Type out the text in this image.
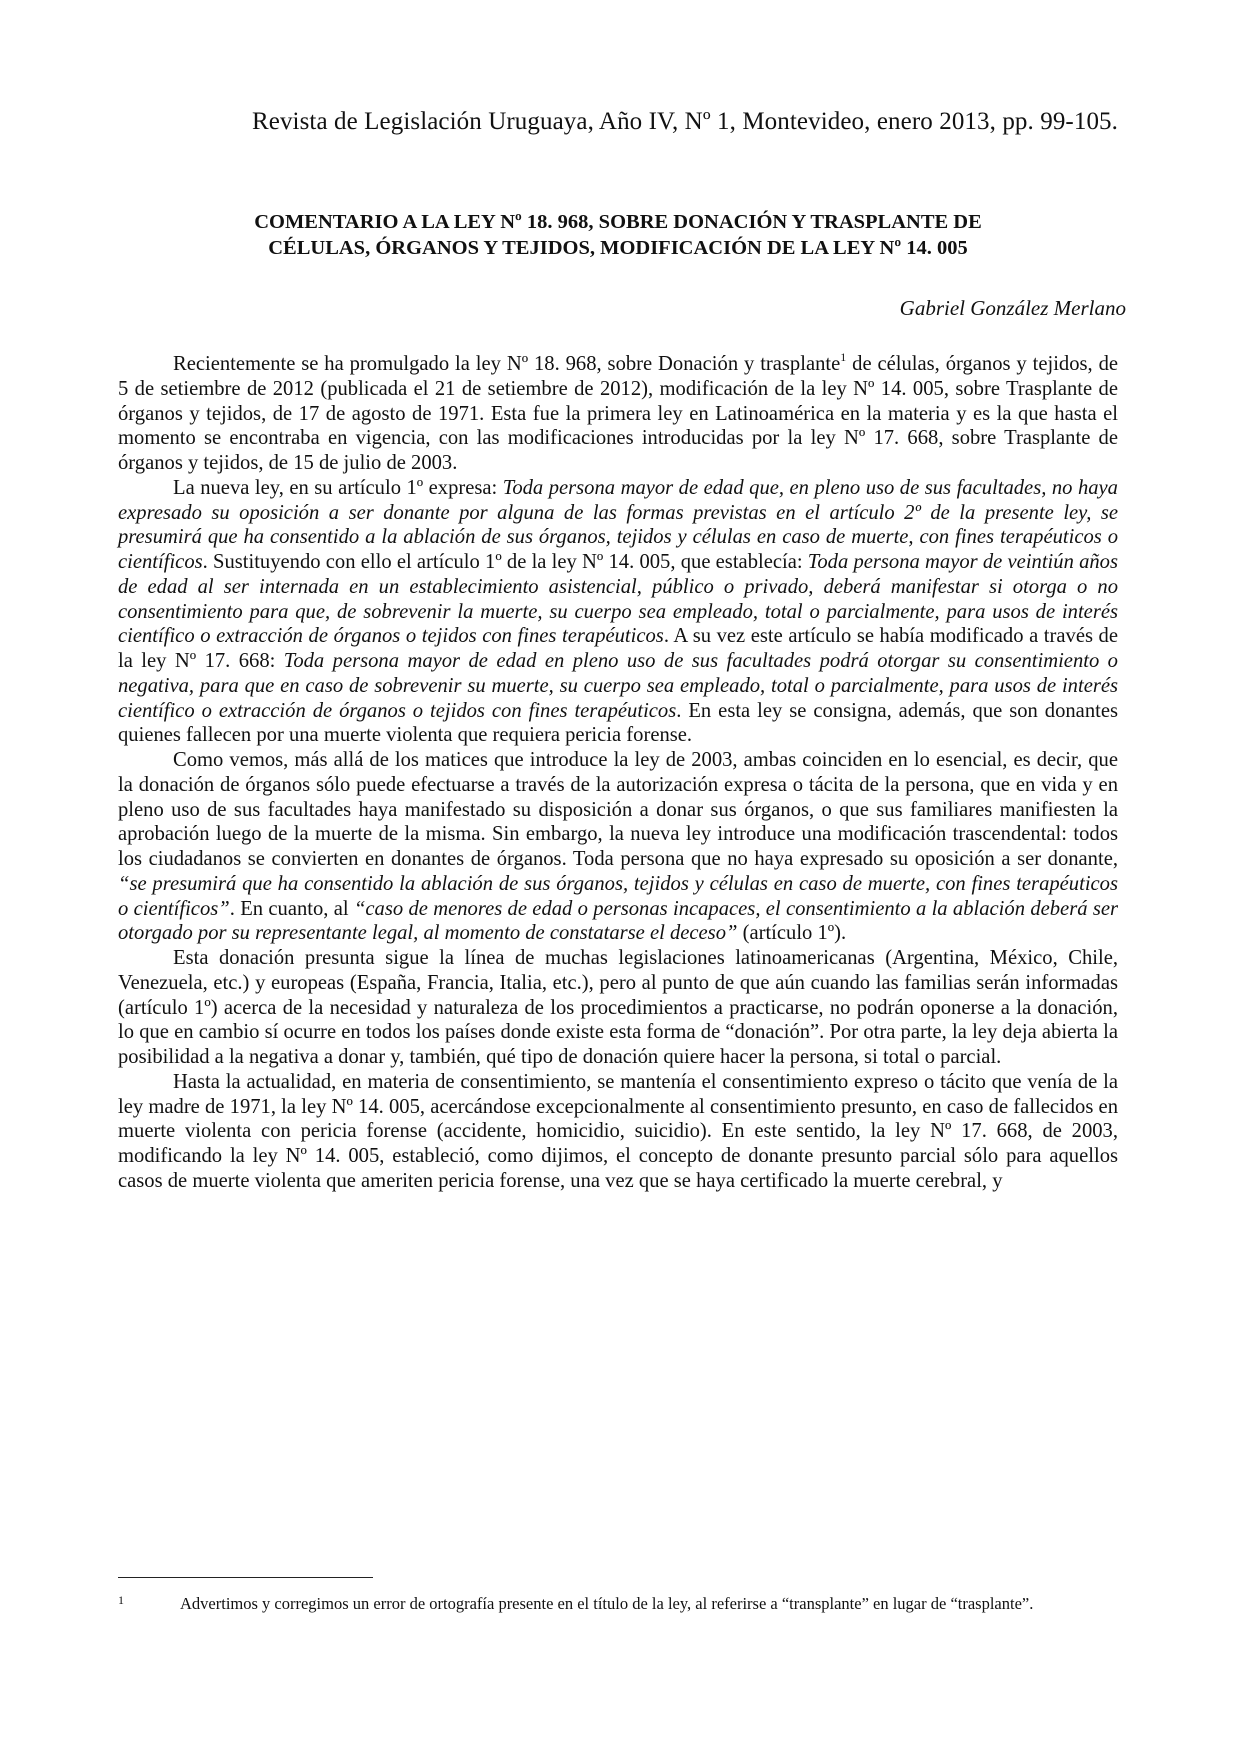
Revista de Legislación Uruguaya, Año IV, Nº 1, Montevideo, enero 2013, pp. 99-105.
COMENTARIO A LA LEY Nº 18. 968, SOBRE DONACIÓN Y TRASPLANTE DE
CÉLULAS, ÓRGANOS Y TEJIDOS, MODIFICACIÓN DE LA LEY Nº 14. 005
Gabriel González Merlano

Recientemente se ha promulgado la ley Nº 18. 968, sobre Donación y trasplante$^1$ de células, órganos y tejidos, de 5 de setiembre de 2012 (publicada el 21 de setiembre de 2012), modificación de la ley Nº 14. 005, sobre Trasplante de órganos y tejidos, de 17 de agosto de 1971. Esta fue la primera ley en Latinoamérica en la materia y es la que hasta el momento se encontraba en vigencia, con las modificaciones introducidas por la ley Nº 17. 668, sobre Trasplante de órganos y tejidos, de 15 de julio de 2003.

La nueva ley, en su artículo 1º expresa: Toda persona mayor de edad que, en pleno uso de sus facultades, no haya expresado su oposición a ser donante por alguna de las formas previstas en el artículo 2º de la presente ley, se presumirá que ha consentido a la ablación de sus órganos, tejidos y células en caso de muerte, con fines terapéuticos o científicos. Sustituyendo con ello el artículo 1º de la ley Nº 14. 005, que establecía: Toda persona mayor de veintiún años de edad al ser internada en un establecimiento asistencial, público o privado, deberá manifestar si otorga o no consentimiento para que, de sobrevenir la muerte, su cuerpo sea empleado, total o parcialmente, para usos de interés científico o extracción de órganos o tejidos con fines terapéuticos. A su vez este artículo se había modificado a través de la ley Nº 17. 668: Toda persona mayor de edad en pleno uso de sus facultades podrá otorgar su consentimiento o negativa, para que en caso de sobrevenir su muerte, su cuerpo sea empleado, total o parcialmente, para usos de interés científico o extracción de órganos o tejidos con fines terapéuticos. En esta ley se consigna, además, que son donantes quienes fallecen por una muerte violenta que requiera pericia forense.

Como vemos, más allá de los matices que introduce la ley de 2003, ambas coinciden en lo esencial, es decir, que la donación de órganos sólo puede efectuarse a través de la autorización expresa o tácita de la persona, que en vida y en pleno uso de sus facultades haya manifestado su disposición a donar sus órganos, o que sus familiares manifiesten la aprobación luego de la muerte de la misma. Sin embargo, la nueva ley introduce una modificación trascendental: todos los ciudadanos se convierten en donantes de órganos. Toda persona que no haya expresado su oposición a ser donante, “se presumirá que ha consentido la ablación de sus órganos, tejidos y células en caso de muerte, con fines terapéuticos o científicos”. En cuanto, al “caso de menores de edad o personas incapaces, el consentimiento a la ablación deberá ser otorgado por su representante legal, al momento de constatarse el deceso” (artículo 1º).

Esta donación presunta sigue la línea de muchas legislaciones latinoamericanas (Argentina, México, Chile, Venezuela, etc.) y europeas (España, Francia, Italia, etc.), pero al punto de que aún cuando las familias serán informadas (artículo 1º) acerca de la necesidad y naturaleza de los procedimientos a practicarse, no podrán oponerse a la donación, lo que en cambio sí ocurre en todos los países donde existe esta forma de “donación”. Por otra parte, la ley deja abierta la posibilidad a la negativa a donar y, también, qué tipo de donación quiere hacer la persona, si total o parcial.

Hasta la actualidad, en materia de consentimiento, se mantenía el consentimiento expreso o tácito que venía de la ley madre de 1971, la ley Nº 14. 005, acercándose excepcionalmente al consentimiento presunto, en caso de fallecidos en muerte violenta con pericia forense (accidente, homicidio, suicidio). En este sentido, la ley Nº 17. 668, de 2003, modificando la ley Nº 14. 005, estableció, como dijimos, el concepto de donante presunto parcial sólo para aquellos casos de muerte violenta que ameriten pericia forense, una vez que se haya certificado la muerte cerebral, y

1	Advertimos y corregimos un error de ortografía presente en el título de la ley, al referirse a “transplante” en lugar de “trasplante”.
